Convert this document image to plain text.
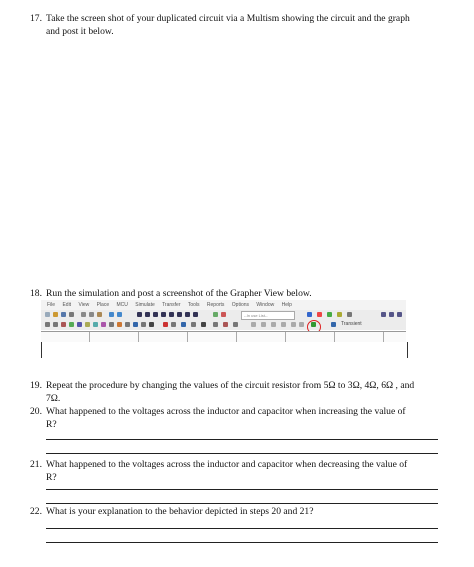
17. Take the screen shot of your duplicated circuit via a Multism showing the circuit and the graph
and post it below.
18. Run the simulation and post a screenshot of the Grapher View below.
File Edit View Place MCU Simulate Transfer Tools Reports Options Window Help
--In use List--
Transient
19. Repeat the procedure by changing the values of the circuit resistor from 5Ω to 3Ω, 4Ω, 6Ω , and
7Ω.
20. What happened to the voltages across the inductor and capacitor when increasing the value of
R?
21. What happened to the voltages across the inductor and capacitor when decreasing the value of
R?
22. What is your explanation to the behavior depicted in steps 20 and 21?
